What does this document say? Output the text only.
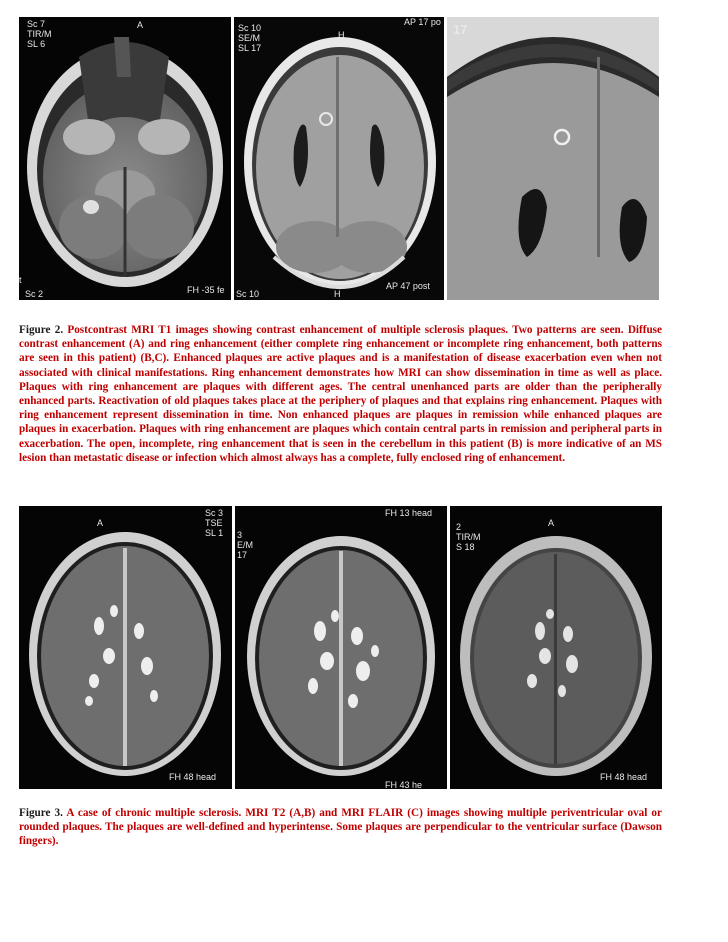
Sc 7
TIR/M
SL 6
A
t
Sc 2	FH -35 fe
Sc 10
SE/M
SL 17
H
AP 17 po
Sc 10	H
AP 47 post
17

Figure 2. Postcontrast MRI T1 images showing contrast enhancement of multiple sclerosis plaques. Two patterns are seen. Diffuse contrast enhancement (A) and ring enhancement (either complete ring enhancement or incomplete ring enhancement, both patterns are seen in this patient) (B,C). Enhanced plaques are active plaques and is a manifestation of disease exacerbation even when not associated with clinical manifestations. Ring enhancement demonstrates how MRI can show dissemination in time as well as place. Plaques with ring enhancement are plaques with different ages. The central unenhanced parts are older than the peripherally enhanced parts. Reactivation of old plaques takes place at the periphery of plaques and that explains ring enhancement. Plaques with ring enhancement represent dissemination in time. Non enhanced plaques are plaques in remission while enhanced plaques are plaques in exacerbation. Plaques with ring enhancement are plaques which contain central parts in remission and peripheral parts in exacerbation. The open, incomplete, ring enhancement that is seen in the cerebellum in this patient (B) is more indicative of an MS lesion than metastatic disease or infection which almost always has a complete, fully enclosed ring of enhancement.

A
Sc 3
TSE
SL 1
FH 48 head
3
E/M
17
FH 13 head
FH 43 he
2
TIR/M
S 18
A
FH 48 head

Figure 3. A case of chronic multiple sclerosis. MRI T2 (A,B) and MRI FLAIR (C) images showing multiple periventricular oval or rounded plaques. The plaques are well-defined and hyperintense. Some plaques are perpendicular to the ventricular surface (Dawson fingers).
